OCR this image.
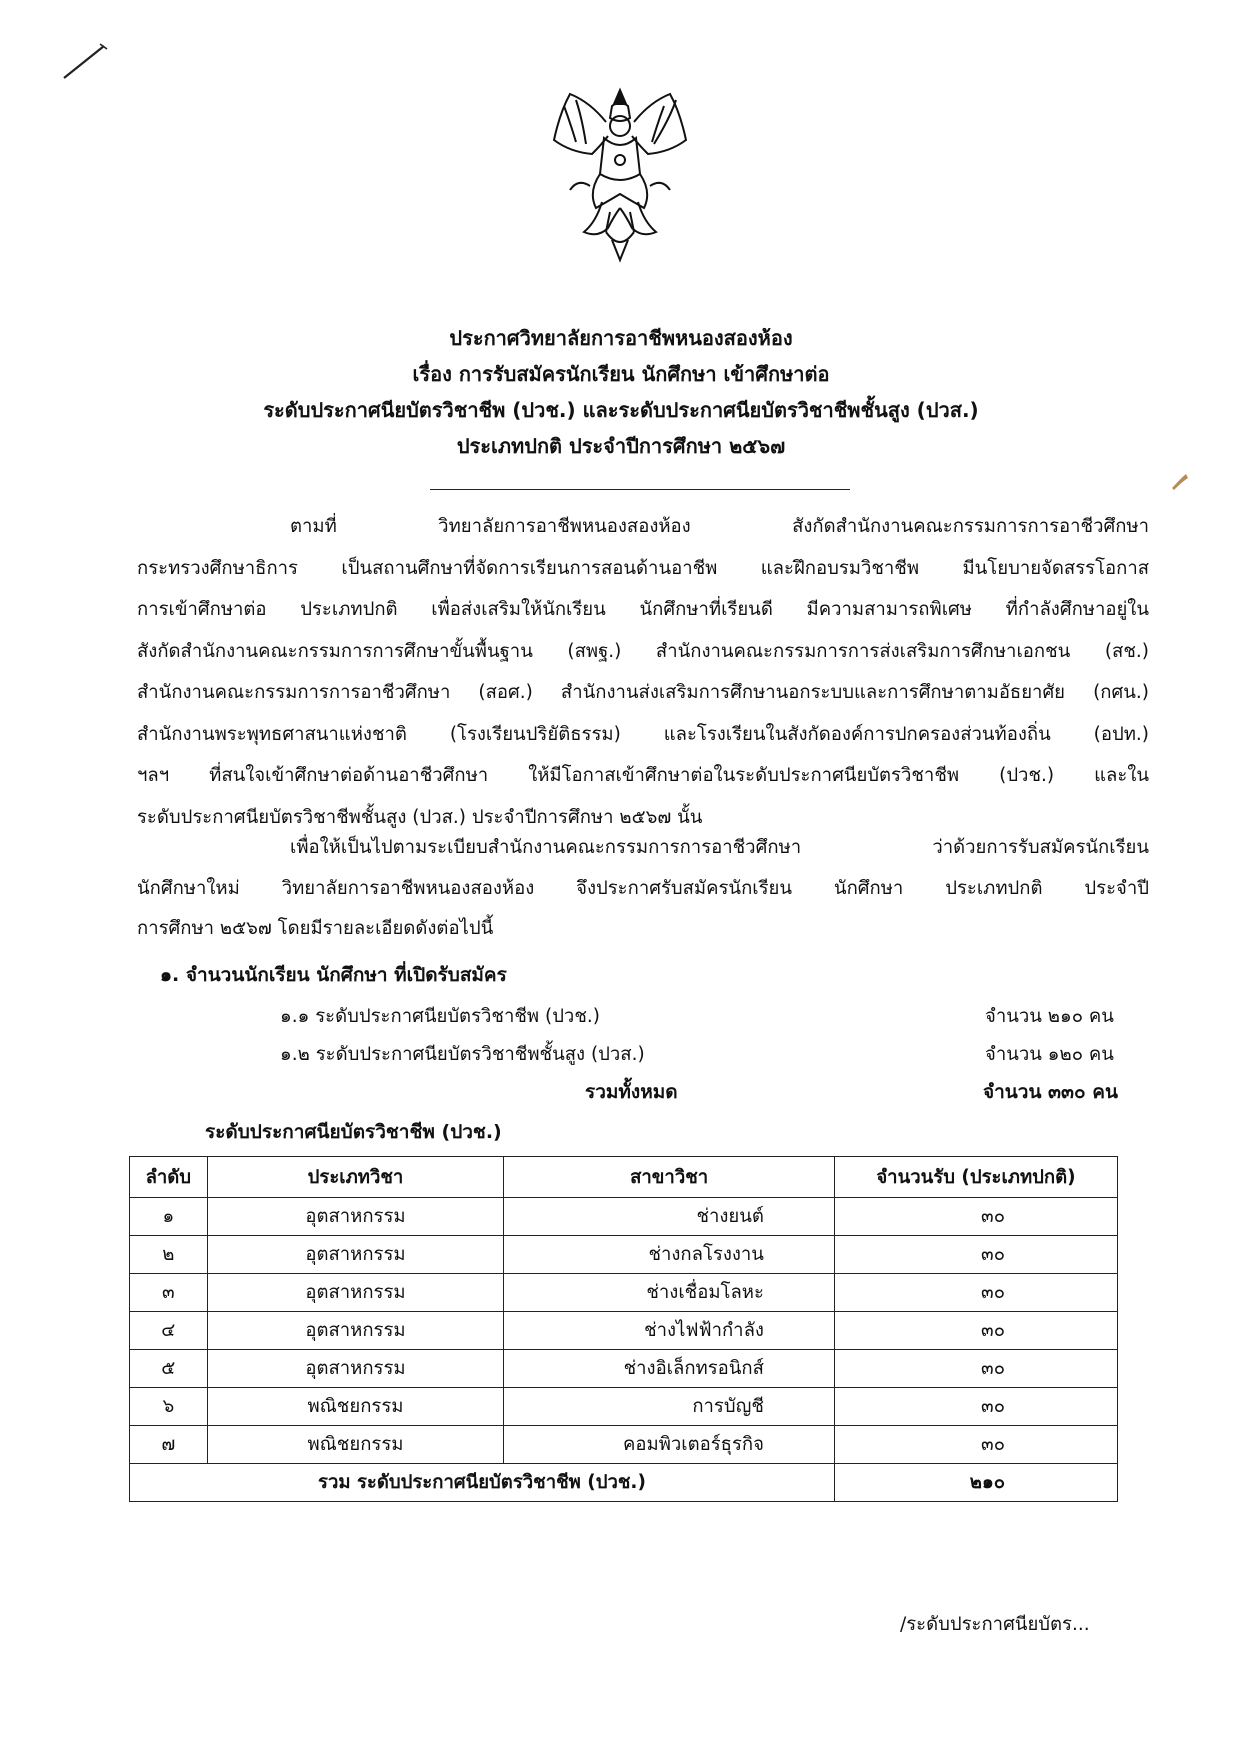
ประกาศวิทยาลัยการอาชีพหนองสองห้อง
เรื่อง การรับสมัครนักเรียน นักศึกษา เข้าศึกษาต่อ
ระดับประกาศนียบัตรวิชาชีพ (ปวช.) และระดับประกาศนียบัตรวิชาชีพชั้นสูง (ปวส.)
ประเภทปกติ ประจำปีการศึกษา ๒๕๖๗
ตามที่ วิทยาลัยการอาชีพหนองสองห้อง สังกัดสำนักงานคณะกรรมการการอาชีวศึกษา
กระทรวงศึกษาธิการ เป็นสถานศึกษาที่จัดการเรียนการสอนด้านอาชีพ และฝึกอบรมวิชาชีพ มีนโยบายจัดสรรโอกาส
การเข้าศึกษาต่อ ประเภทปกติ เพื่อส่งเสริมให้นักเรียน นักศึกษาที่เรียนดี มีความสามารถพิเศษ ที่กำลังศึกษาอยู่ใน
สังกัดสำนักงานคณะกรรมการการศึกษาขั้นพื้นฐาน (สพฐ.) สำนักงานคณะกรรมการการส่งเสริมการศึกษาเอกชน (สช.)
สำนักงานคณะกรรมการการอาชีวศึกษา (สอศ.) สำนักงานส่งเสริมการศึกษานอกระบบและการศึกษาตามอัธยาศัย (กศน.)
สำนักงานพระพุทธศาสนาแห่งชาติ (โรงเรียนปริยัติธรรม) และโรงเรียนในสังกัดองค์การปกครองส่วนท้องถิ่น (อปท.)
ฯลฯ ที่สนใจเข้าศึกษาต่อด้านอาชีวศึกษา ให้มีโอกาสเข้าศึกษาต่อในระดับประกาศนียบัตรวิชาชีพ (ปวช.) และใน
ระดับประกาศนียบัตรวิชาชีพชั้นสูง (ปวส.) ประจำปีการศึกษา ๒๕๖๗ นั้น
เพื่อให้เป็นไปตามระเบียบสำนักงานคณะกรรมการการอาชีวศึกษา ว่าด้วยการรับสมัครนักเรียน
นักศึกษาใหม่ วิทยาลัยการอาชีพหนองสองห้อง จึงประกาศรับสมัครนักเรียน นักศึกษา ประเภทปกติ ประจำปี
การศึกษา ๒๕๖๗ โดยมีรายละเอียดดังต่อไปนี้
๑. จำนวนนักเรียน นักศึกษา ที่เปิดรับสมัคร
๑.๑ ระดับประกาศนียบัตรวิชาชีพ (ปวช.)	จำนวน ๒๑๐ คน
๑.๒ ระดับประกาศนียบัตรวิชาชีพชั้นสูง (ปวส.)	จำนวน ๑๒๐ คน
รวมทั้งหมด	จำนวน ๓๓๐ คน
ระดับประกาศนียบัตรวิชาชีพ (ปวช.)
ลำดับ	ประเภทวิชา	สาขาวิชา	จำนวนรับ (ประเภทปกติ)
๑	อุตสาหกรรม	ช่างยนต์	๓๐
๒	อุตสาหกรรม	ช่างกลโรงงาน	๓๐
๓	อุตสาหกรรม	ช่างเชื่อมโลหะ	๓๐
๔	อุตสาหกรรม	ช่างไฟฟ้ากำลัง	๓๐
๕	อุตสาหกรรม	ช่างอิเล็กทรอนิกส์	๓๐
๖	พณิชยกรรม	การบัญชี	๓๐
๗	พณิชยกรรม	คอมพิวเตอร์ธุรกิจ	๓๐
รวม ระดับประกาศนียบัตรวิชาชีพ (ปวช.)			๒๑๐
/ระดับประกาศนียบัตร...
